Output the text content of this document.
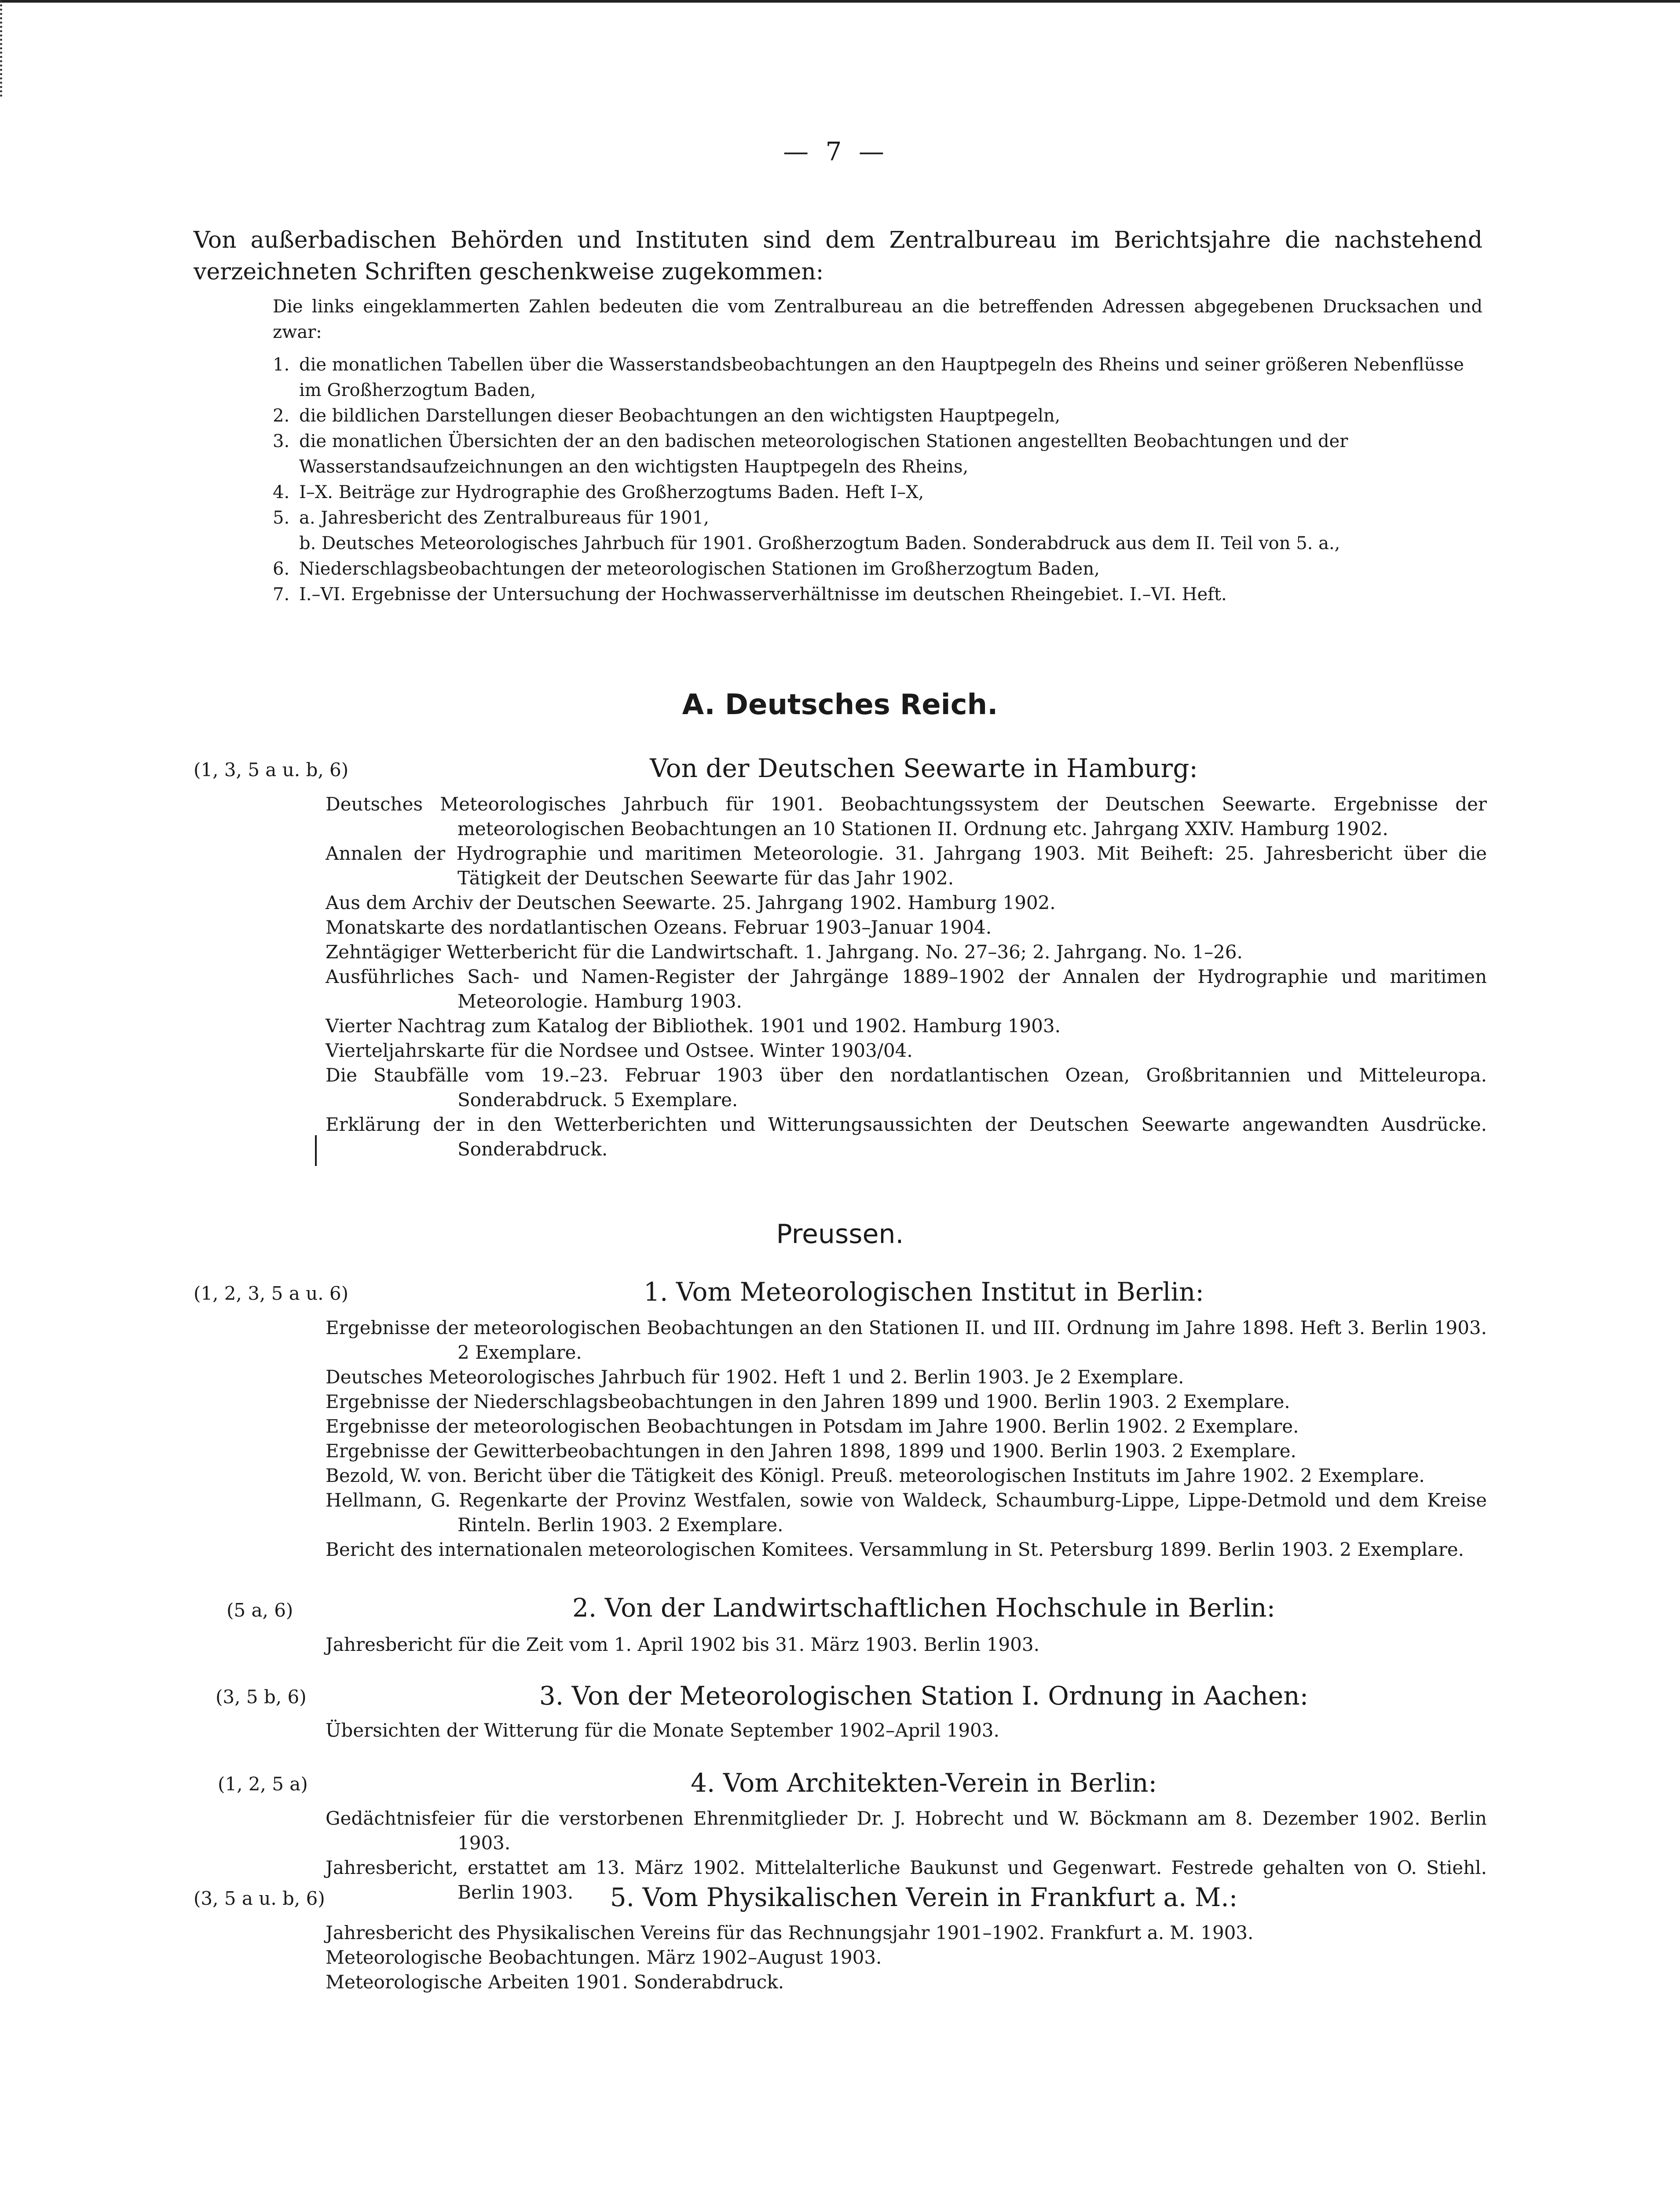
— 7 —
Von außerbadischen Behörden und Instituten sind dem Zentralbureau im Berichtsjahre die nachstehend verzeichneten Schriften geschenkweise zugekommen:
Die links eingeklammerten Zahlen bedeuten die vom Zentralbureau an die betreffenden Adressen abgegebenen Drucksachen und zwar:
1. die monatlichen Tabellen über die Wasserstandsbeobachtungen an den Hauptpegeln des Rheins und seiner größeren Nebenflüsse im Großherzogtum Baden,
2. die bildlichen Darstellungen dieser Beobachtungen an den wichtigsten Hauptpegeln,
3. die monatlichen Übersichten der an den badischen meteorologischen Stationen angestellten Beobachtungen und der Wasserstandsaufzeichnungen an den wichtigsten Hauptpegeln des Rheins,
4. I–X. Beiträge zur Hydrographie des Großherzogtums Baden. Heft I–X,
5. a. Jahresbericht des Zentralbureaus für 1901,
b. Deutsches Meteorologisches Jahrbuch für 1901. Großherzogtum Baden. Sonderabdruck aus dem II. Teil von 5. a.,
6. Niederschlagsbeobachtungen der meteorologischen Stationen im Großherzogtum Baden,
7. I.–VI. Ergebnisse der Untersuchung der Hochwasserverhältnisse im deutschen Rheingebiet. I.–VI. Heft.
A. Deutsches Reich.
(1, 3, 5 a u. b, 6)	Von der Deutschen Seewarte in Hamburg:
Deutsches Meteorologisches Jahrbuch für 1901. Beobachtungssystem der Deutschen Seewarte. Ergebnisse der meteorologischen Beobachtungen an 10 Stationen II. Ordnung etc. Jahrgang XXIV. Hamburg 1902.
Annalen der Hydrographie und maritimen Meteorologie. 31. Jahrgang 1903. Mit Beiheft: 25. Jahresbericht über die Tätigkeit der Deutschen Seewarte für das Jahr 1902.
Aus dem Archiv der Deutschen Seewarte. 25. Jahrgang 1902. Hamburg 1902.
Monatskarte des nordatlantischen Ozeans. Februar 1903–Januar 1904.
Zehntägiger Wetterbericht für die Landwirtschaft. 1. Jahrgang. No. 27–36; 2. Jahrgang. No. 1–26.
Ausführliches Sach- und Namen-Register der Jahrgänge 1889–1902 der Annalen der Hydrographie und maritimen Meteorologie. Hamburg 1903.
Vierter Nachtrag zum Katalog der Bibliothek. 1901 und 1902. Hamburg 1903.
Vierteljahrskarte für die Nordsee und Ostsee. Winter 1903/04.
Die Staubfälle vom 19.–23. Februar 1903 über den nordatlantischen Ozean, Großbritannien und Mitteleuropa. Sonderabdruck. 5 Exemplare.
Erklärung der in den Wetterberichten und Witterungsaussichten der Deutschen Seewarte angewandten Ausdrücke. Sonderabdruck.
Preussen.
(1, 2, 3, 5 a u. 6)	1. Vom Meteorologischen Institut in Berlin:
Ergebnisse der meteorologischen Beobachtungen an den Stationen II. und III. Ordnung im Jahre 1898. Heft 3. Berlin 1903. 2 Exemplare.
Deutsches Meteorologisches Jahrbuch für 1902. Heft 1 und 2. Berlin 1903. Je 2 Exemplare.
Ergebnisse der Niederschlagsbeobachtungen in den Jahren 1899 und 1900. Berlin 1903. 2 Exemplare.
Ergebnisse der meteorologischen Beobachtungen in Potsdam im Jahre 1900. Berlin 1902. 2 Exemplare.
Ergebnisse der Gewitterbeobachtungen in den Jahren 1898, 1899 und 1900. Berlin 1903. 2 Exemplare.
Bezold, W. von. Bericht über die Tätigkeit des Königl. Preuß. meteorologischen Instituts im Jahre 1902. 2 Exemplare.
Hellmann, G. Regenkarte der Provinz Westfalen, sowie von Waldeck, Schaumburg-Lippe, Lippe-Detmold und dem Kreise Rinteln. Berlin 1903. 2 Exemplare.
Bericht des internationalen meteorologischen Komitees. Versammlung in St. Petersburg 1899. Berlin 1903. 2 Exemplare.
(5 a, 6)	2. Von der Landwirtschaftlichen Hochschule in Berlin:
Jahresbericht für die Zeit vom 1. April 1902 bis 31. März 1903. Berlin 1903.
(3, 5 b, 6)	3. Von der Meteorologischen Station I. Ordnung in Aachen:
Übersichten der Witterung für die Monate September 1902–April 1903.
(1, 2, 5 a)	4. Vom Architekten-Verein in Berlin:
Gedächtnisfeier für die verstorbenen Ehrenmitglieder Dr. J. Hobrecht und W. Böckmann am 8. Dezember 1902. Berlin 1903.
Jahresbericht, erstattet am 13. März 1902. Mittelalterliche Baukunst und Gegenwart. Festrede gehalten von O. Stiehl. Berlin 1903.
(3, 5 a u. b, 6)	5. Vom Physikalischen Verein in Frankfurt a. M.:
Jahresbericht des Physikalischen Vereins für das Rechnungsjahr 1901–1902. Frankfurt a. M. 1903.
Meteorologische Beobachtungen. März 1902–August 1903.
Meteorologische Arbeiten 1901. Sonderabdruck.
